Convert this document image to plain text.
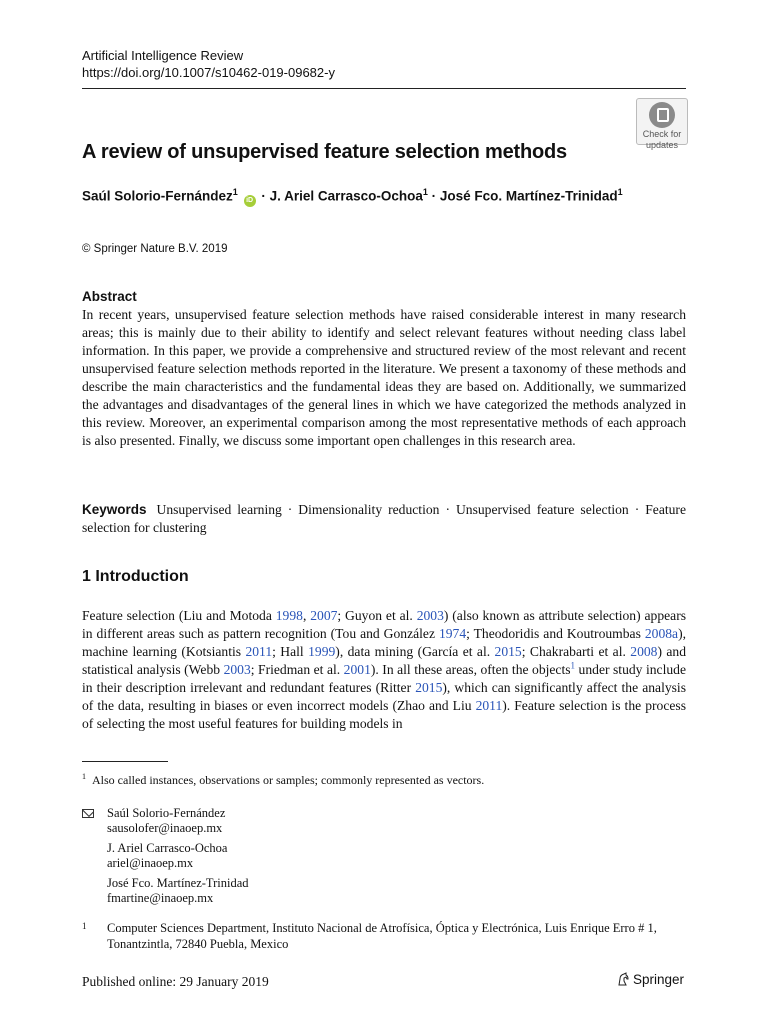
Artificial Intelligence Review
https://doi.org/10.1007/s10462-019-09682-y
Check for
updates
A review of unsupervised feature selection methods
Saúl Solorio-Fernández$^1$ iD · J. Ariel Carrasco-Ochoa$^1$ · José Fco. Martínez-Trinidad$^1$
© Springer Nature B.V. 2019
Abstract
In recent years, unsupervised feature selection methods have raised considerable interest in many research areas; this is mainly due to their ability to identify and select relevant features without needing class label information. In this paper, we provide a comprehensive and structured review of the most relevant and recent unsupervised feature selection methods reported in the literature. We present a taxonomy of these methods and describe the main characteristics and the fundamental ideas they are based on. Additionally, we summarized the advantages and disadvantages of the general lines in which we have categorized the methods analyzed in this review. Moreover, an experimental comparison among the most representative methods of each approach is also presented. Finally, we discuss some important open challenges in this research area.
Keywords Unsupervised learning · Dimensionality reduction · Unsupervised feature selection · Feature selection for clustering
1 Introduction
Feature selection (Liu and Motoda 1998, 2007; Guyon et al. 2003) (also known as attribute selection) appears in different areas such as pattern recognition (Tou and González 1974; Theodoridis and Koutroumbas 2008a), machine learning (Kotsiantis 2011; Hall 1999), data mining (García et al. 2015; Chakrabarti et al. 2008) and statistical analysis (Webb 2003; Friedman et al. 2001). In all these areas, often the objects$^1$ under study include in their description irrelevant and redundant features (Ritter 2015), which can significantly affect the analysis of the data, resulting in biases or even incorrect models (Zhao and Liu 2011). Feature selection is the process of selecting the most useful features for building models in
$^1$ Also called instances, observations or samples; commonly represented as vectors.
Saúl Solorio-Fernández
sausolofer@inaoep.mx
J. Ariel Carrasco-Ochoa
ariel@inaoep.mx
José Fco. Martínez-Trinidad
fmartine@inaoep.mx
1 Computer Sciences Department, Instituto Nacional de Atrofísica, Óptica y Electrónica, Luis Enrique Erro # 1, Tonantzintla, 72840 Puebla, Mexico
Published online: 29 January 2019	Springer
